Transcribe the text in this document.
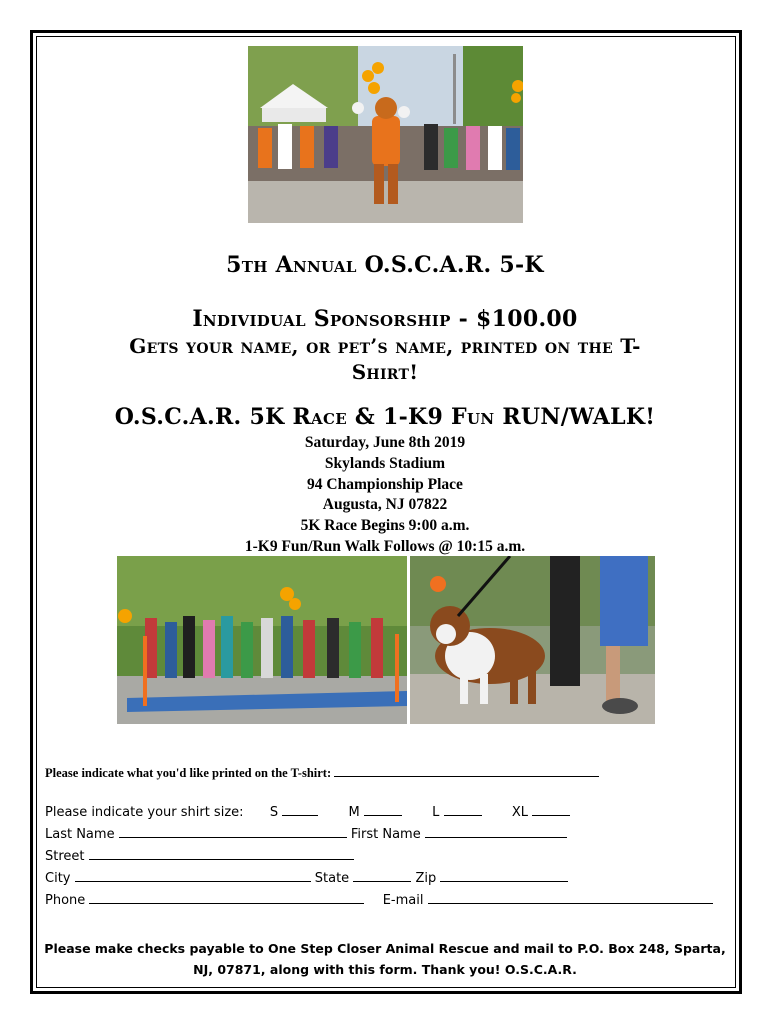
5th Annual O.S.C.A.R. 5-K
Individual Sponsorship - $100.00
Gets your name, or pet’s name, printed on the T-
Shirt!
O.S.C.A.R. 5K Race & 1-K9 Fun RUN/WALK!
Saturday, June 8th 2019
Skylands Stadium
94 Championship Place
Augusta, NJ 07822
5K Race Begins 9:00 a.m.
1-K9 Fun/Run Walk Follows @ 10:15 a.m.
Please indicate what you'd like printed on the T-shirt:
Please indicate your shirt size: S	M	L	XL
Last Name	First Name
Street
City	State	Zip
Phone	E-mail
Please make checks payable to One Step Closer Animal Rescue and mail to P.O. Box 248, Sparta,
NJ, 07871, along with this form. Thank you! O.S.C.A.R.
